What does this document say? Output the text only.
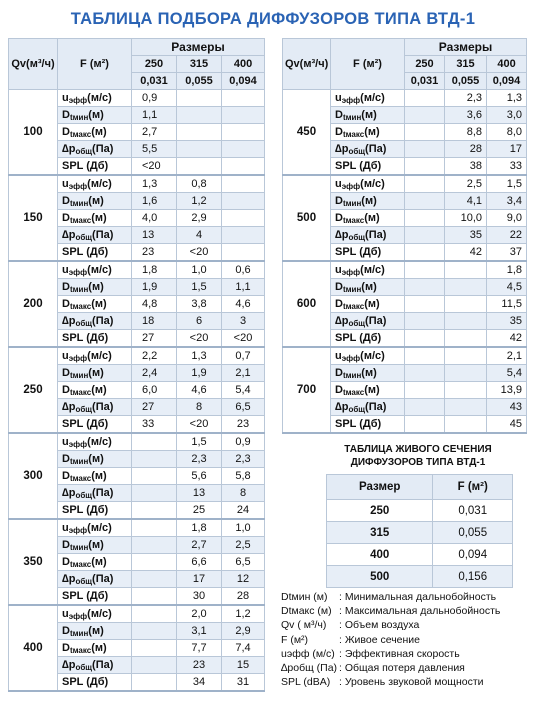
ТАБЛИЦА ПОДБОРА ДИФФУЗОРОВ ТИПА ВТД-1
Qv(м³/ч)	F (м²)	Размеры		
		250	315	400
		0,031	0,055	0,094
100	$u_{эфф}(м/с)$	0,9		
	$D_{tмин}(м)$	1,1		
	$D_{tмакс}(м)$	2,7		
	$\Delta p_{общ}(Па)$	5,5		
	SPL (Дб)	<20		
150	$u_{эфф}(м/с)$	1,3	0,8	
	$D_{tмин}(м)$	1,6	1,2	
	$D_{tмакс}(м)$	4,0	2,9	
	$\Delta p_{общ}(Па)$	13	4	
	SPL (Дб)	23	<20	
200	$u_{эфф}(м/с)$	1,8	1,0	0,6
	$D_{tмин}(м)$	1,9	1,5	1,1
	$D_{tмакс}(м)$	4,8	3,8	4,6
	$\Delta p_{общ}(Па)$	18	6	3
	SPL (Дб)	27	<20	<20
250	$u_{эфф}(м/с)$	2,2	1,3	0,7
	$D_{tмин}(м)$	2,4	1,9	2,1
	$D_{tмакс}(м)$	6,0	4,6	5,4
	$\Delta p_{общ}(Па)$	27	8	6,5
	SPL (Дб)	33	<20	23
300	$u_{эфф}(м/с)$		1,5	0,9
	$D_{tмин}(м)$		2,3	2,3
	$D_{tмакс}(м)$		5,6	5,8
	$\Delta p_{общ}(Па)$		13	8
	SPL (Дб)		25	24
350	$u_{эфф}(м/с)$		1,8	1,0
	$D_{tмин}(м)$		2,7	2,5
	$D_{tмакс}(м)$		6,6	6,5
	$\Delta p_{общ}(Па)$		17	12
	SPL (Дб)		30	28
400	$u_{эфф}(м/с)$		2,0	1,2
	$D_{tмин}(м)$		3,1	2,9
	$D_{tмакс}(м)$		7,7	7,4
	$\Delta p_{общ}(Па)$		23	15
	SPL (Дб)		34	31
Qv(м³/ч)	F (м²)	Размеры		
		250	315	400
		0,031	0,055	0,094
450	$u_{эфф}(м/с)$		2,3	1,3
	$D_{tмин}(м)$		3,6	3,0
	$D_{tмакс}(м)$		8,8	8,0
	$\Delta p_{общ}(Па)$		28	17
	SPL (Дб)		38	33
500	$u_{эфф}(м/с)$		2,5	1,5
	$D_{tмин}(м)$		4,1	3,4
	$D_{tмакс}(м)$		10,0	9,0
	$\Delta p_{общ}(Па)$		35	22
	SPL (Дб)		42	37
600	$u_{эфф}(м/с)$			1,8
	$D_{tмин}(м)$			4,5
	$D_{tмакс}(м)$			11,5
	$\Delta p_{общ}(Па)$			35
	SPL (Дб)			42
700	$u_{эфф}(м/с)$			2,1
	$D_{tмин}(м)$			5,4
	$D_{tмакс}(м)$			13,9
	$\Delta p_{общ}(Па)$			43
	SPL (Дб)			45
ТАБЛИЦА ЖИВОГО СЕЧЕНИЯ
ДИФФУЗОРОВ ТИПА ВТД-1
Размер	F (м²)
250	0,031
315	0,055
400	0,094
500	0,156
Dtмин (м) : Минимальная дальнобойность
Dtмакс (м) : Максимальная дальнобойность
Qv ( м³/ч) : Объем воздуха
F (м²)	: Живое сечение
uэфф (м/с) : Эффективная скорость
∆pобщ (Па) : Общая потеря давления
SPL (dBA) : Уровень звуковой мощности
